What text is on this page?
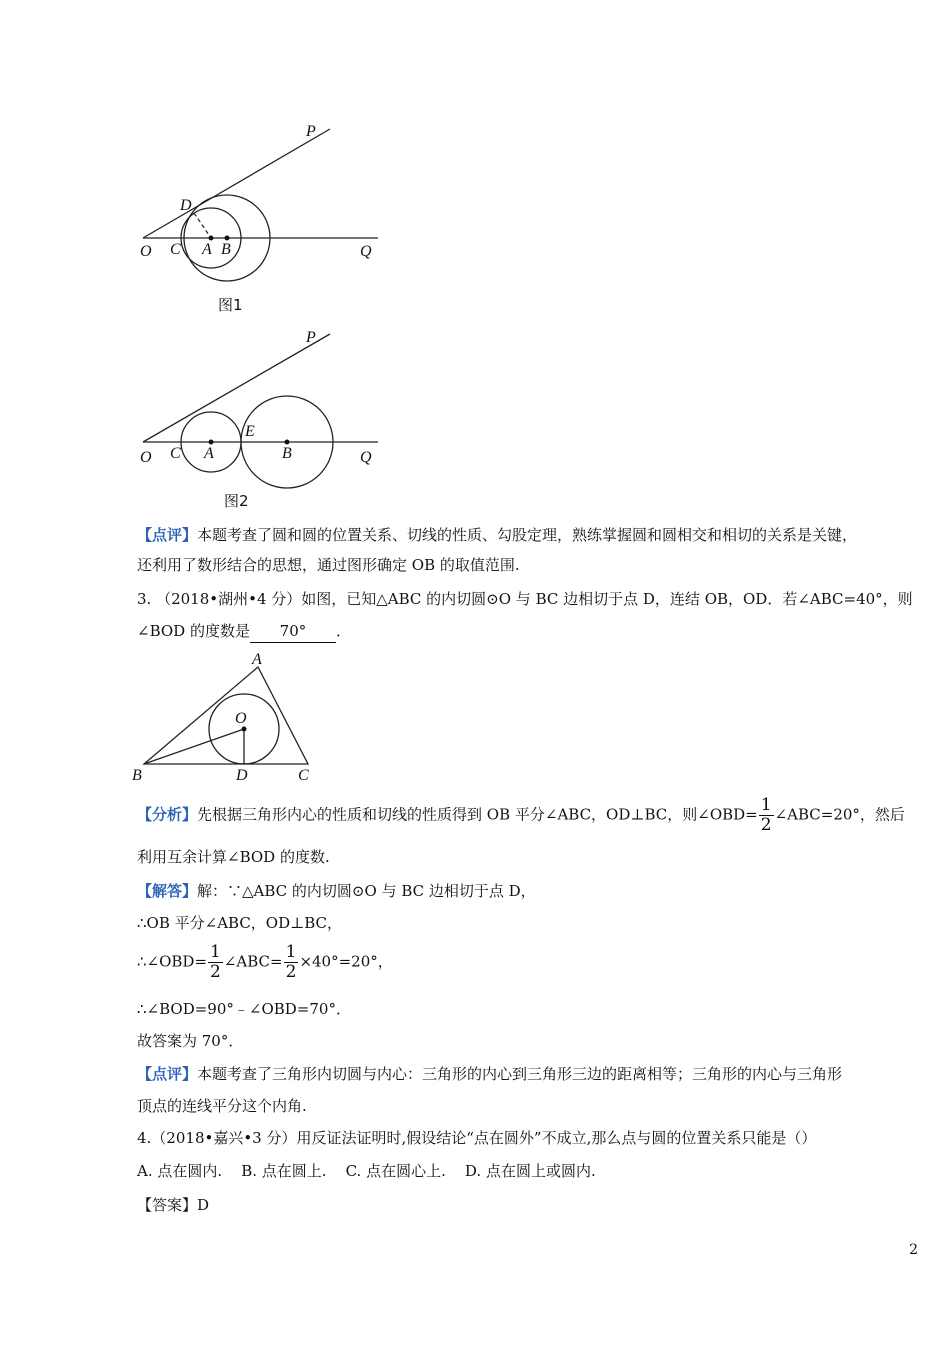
P
D
O C A B	Q
图1
P
O C A
E
B	Q
图2
【点评】本题考查了圆和圆的位置关系、切线的性质、勾股定理，熟练掌握圆和圆相交和相切的关系是关键，
还利用了数形结合的思想，通过图形确定 OB 的取值范围.
3. （2018•湖州•4 分）如图，已知△ABC 的内切圆⊙O 与 BC 边相切于点 D，连结 OB，OD．若∠ABC=40°，则
∠BOD 的度数是 70° ．
A
O
B	D	C
【分析】先根据三角形内心的性质和切线的性质得到 OB 平分∠ABC，OD⊥BC，则∠OBD= $\frac{1}{2}$ ∠ABC=20°，然后
利用互余计算∠BOD 的度数.
【解答】解：∵△ABC 的内切圆⊙O 与 BC 边相切于点 D，
∴OB 平分∠ABC，OD⊥BC，
∴∠OBD= $\frac{1}{2}$ ∠ABC= $\frac{1}{2} \times 40^\circ=20^\circ$，
∴∠BOD=90°﹣∠OBD=70°．
故答案为 70°．
【点评】本题考查了三角形内切圆与内心：三角形的内心到三角形三边的距离相等；三角形的内心与三角形
顶点的连线平分这个内角.
4.（2018•嘉兴•3 分）用反证法证明时,假设结论“点在圆外”不成立,那么点与圆的位置关系只能是（）
A. 点在圆内.    B. 点在圆上.    C. 点在圆心上.    D. 点在圆上或圆内.
【答案】D
2
